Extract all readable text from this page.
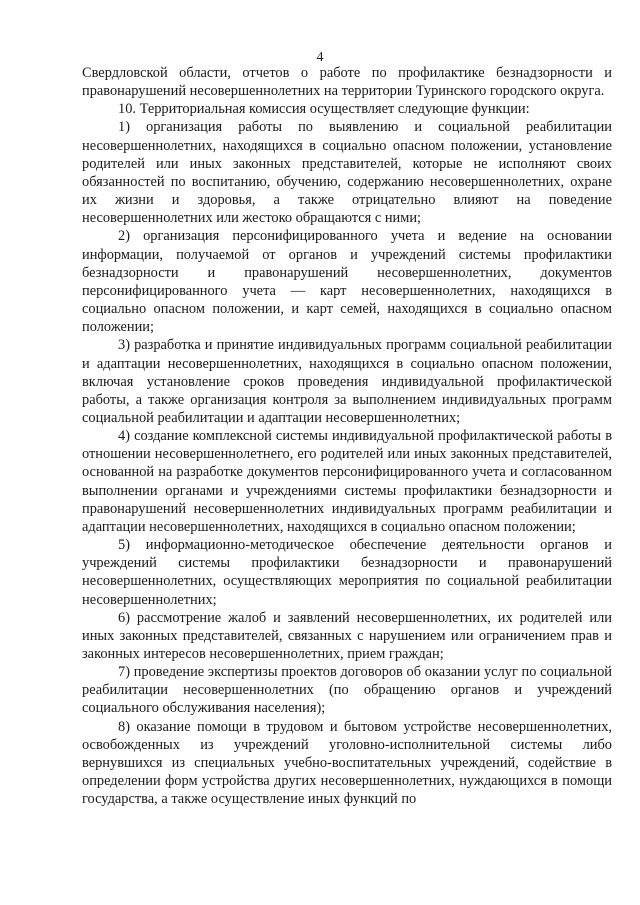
4

Свердловской области, отчетов о работе по профилактике безнадзорности и правонарушений несовершеннолетних на территории Туринского городского округа.

10. Территориальная комиссия осуществляет следующие функции:

1) организация работы по выявлению и социальной реабилитации несовершеннолетних, находящихся в социально опасном положении, установление родителей или иных законных представителей, которые не исполняют своих обязанностей по воспитанию, обучению, содержанию несовершеннолетних, охране их жизни и здоровья, а также отрицательно влияют на поведение несовершеннолетних или жестоко обращаются с ними;

2) организация персонифицированного учета и ведение на основании информации, получаемой от органов и учреждений системы профилактики безнадзорности и правонарушений несовершеннолетних, документов персонифицированного учета — карт несовершеннолетних, находящихся в социально опасном положении, и карт семей, находящихся в социально опасном положении;

3) разработка и принятие индивидуальных программ социальной реабилитации и адаптации несовершеннолетних, находящихся в социально опасном положении, включая установление сроков проведения индивидуальной профилактической работы, а также организация контроля за выполнением индивидуальных программ социальной реабилитации и адаптации несовершеннолетних;

4) создание комплексной системы индивидуальной профилактической работы в отношении несовершеннолетнего, его родителей или иных законных представителей, основанной на разработке документов персонифицированного учета и согласованном выполнении органами и учреждениями системы профилактики безнадзорности и правонарушений несовершеннолетних индивидуальных программ реабилитации и адаптации несовершеннолетних, находящихся в социально опасном положении;

5) информационно-методическое обеспечение деятельности органов и учреждений системы профилактики безнадзорности и правонарушений несовершеннолетних, осуществляющих мероприятия по социальной реабилитации несовершеннолетних;

6) рассмотрение жалоб и заявлений несовершеннолетних, их родителей или иных законных представителей, связанных с нарушением или ограничением прав и законных интересов несовершеннолетних, прием граждан;

7) проведение экспертизы проектов договоров об оказании услуг по социальной реабилитации несовершеннолетних (по обращению органов и учреждений социального обслуживания населения);

8) оказание помощи в трудовом и бытовом устройстве несовершеннолетних, освобожденных из учреждений уголовно-исполнительной системы либо вернувшихся из специальных учебно-воспитательных учреждений, содействие в определении форм устройства других несовершеннолетних, нуждающихся в помощи государства, а также осуществление иных функций по
